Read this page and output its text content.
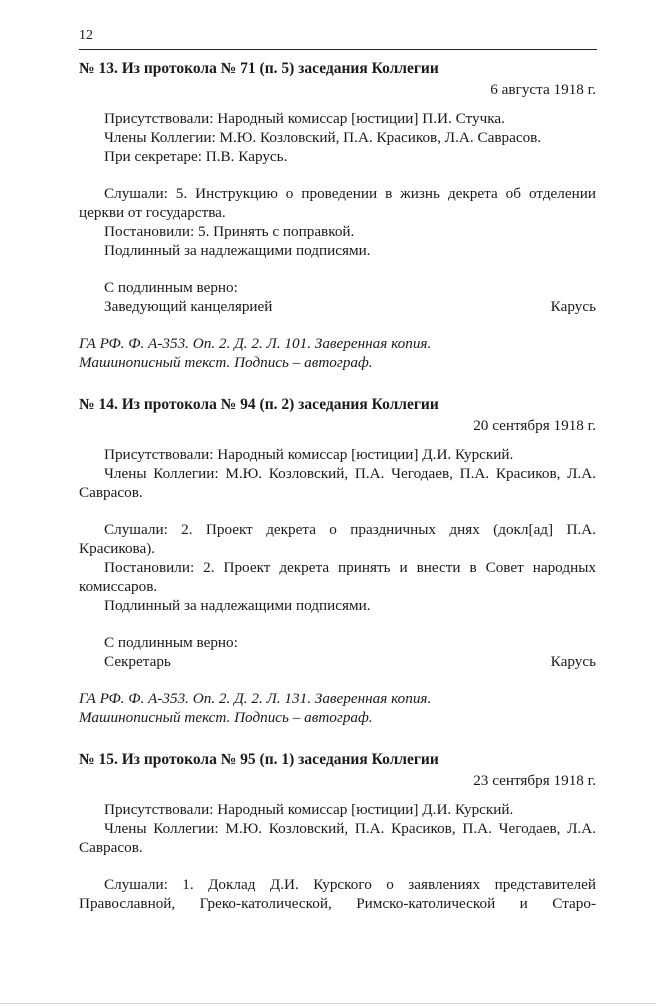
12

№ 13. Из протокола № 71 (п. 5) заседания Коллегии

6 августа 1918 г.

Присутствовали: Народный комиссар [юстиции] П.И. Стучка.

Члены Коллегии: М.Ю. Козловский, П.А. Красиков, Л.А. Саврасов.

При секретаре: П.В. Карусь.

Слушали: 5. Инструкцию о проведении в жизнь декрета об отделении церкви от государства.

Постановили: 5. Принять с поправкой.

Подлинный за надлежащими подписями.

С подлинным верно:

Заведующий канцелярией	Карусь

ГА РФ. Ф. А-353. Оп. 2. Д. 2. Л. 101. Заверенная копия.

Машинописный текст. Подпись – автограф.

№ 14. Из протокола № 94 (п. 2) заседания Коллегии

20 сентября 1918 г.

Присутствовали: Народный комиссар [юстиции] Д.И. Курский.

Члены Коллегии: М.Ю. Козловский, П.А. Чегодаев, П.А. Красиков, Л.А. Саврасов.

Слушали: 2. Проект декрета о праздничных днях (докл[ад] П.А. Красикова).

Постановили: 2. Проект декрета принять и внести в Совет народных комиссаров.

Подлинный за надлежащими подписями.

С подлинным верно:

Секретарь	Карусь

ГА РФ. Ф. А-353. Оп. 2. Д. 2. Л. 131. Заверенная копия.

Машинописный текст. Подпись – автограф.

№ 15. Из протокола № 95 (п. 1) заседания Коллегии

23 сентября 1918 г.

Присутствовали: Народный комиссар [юстиции] Д.И. Курский.

Члены Коллегии: М.Ю. Козловский, П.А. Красиков, П.А. Чегодаев, Л.А. Саврасов.

Слушали: 1. Доклад Д.И. Курского о заявлениях представителей Православной, Греко-католической, Римско-католической и Старо-
